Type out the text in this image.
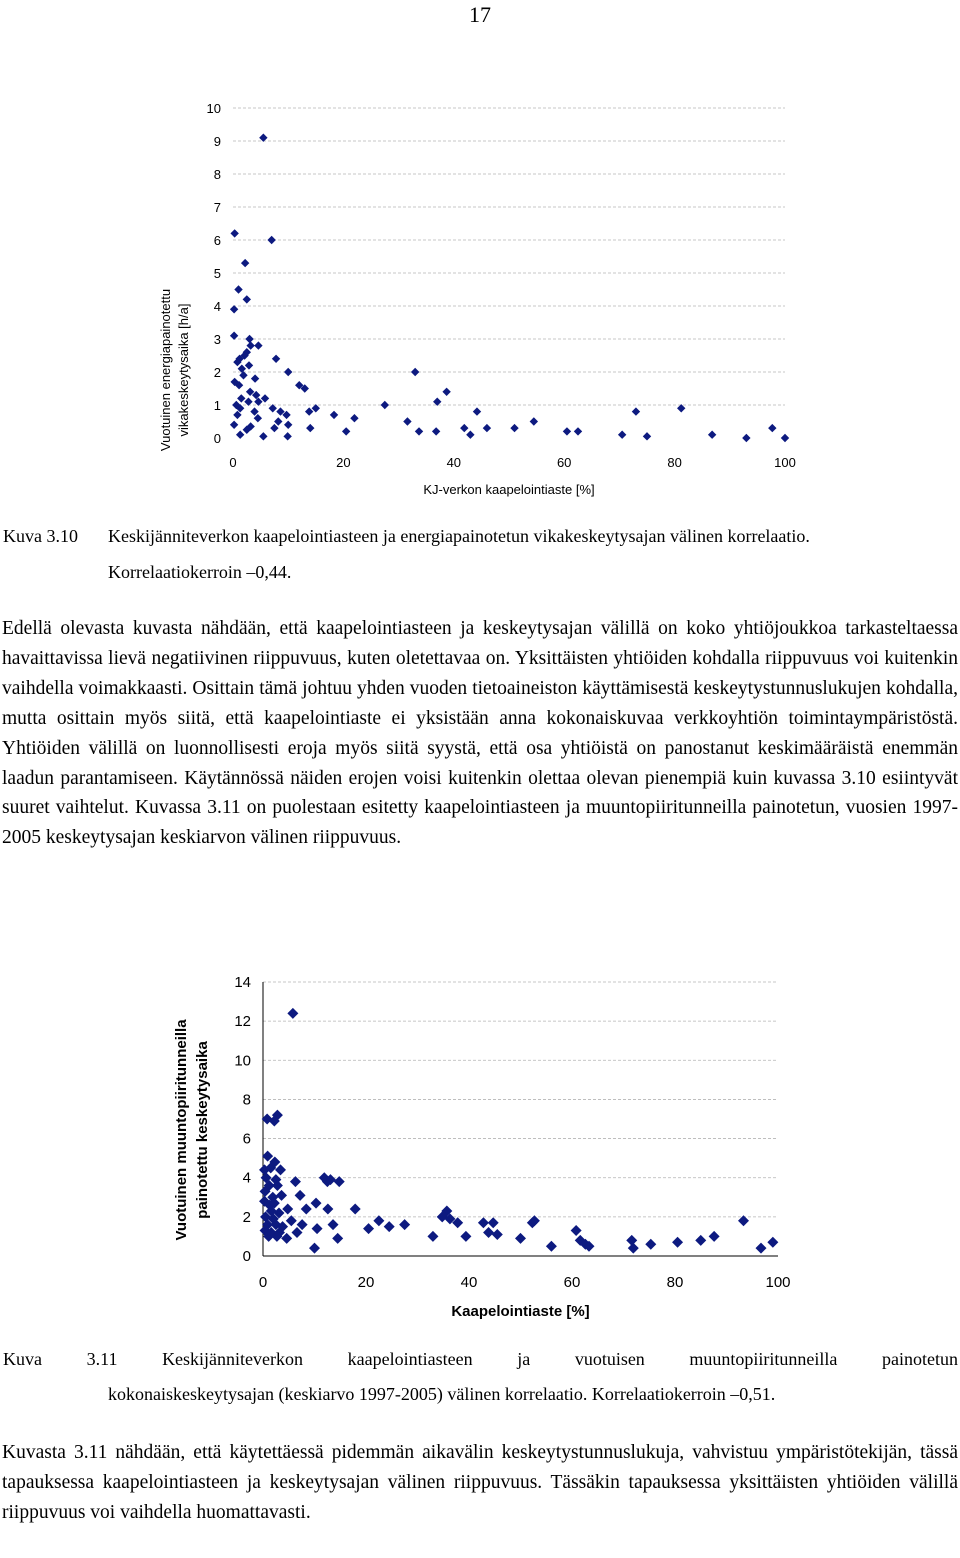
17
0
1
2
3
4
5
6
7
8
9
10
0	20	40	60	80	100
KJ-verkon kaapelointiaste [%]
Vuotuinen energiapainotettu vikakeskeytysaika [h/a]
Kuva 3.10	Keskijänniteverkon kaapelointiasteen ja energiapainotetun vikakeskeytysajan välinen korrelaatio.
Korrelaatiokerroin –0,44.

Edellä olevasta kuvasta nähdään, että kaapelointiasteen ja keskeytysajan välillä on koko yhtiöjoukkoa tarkasteltaessa havaittavissa lievä negatiivinen riippuvuus, kuten oletettavaa on. Yksittäisten yhtiöiden kohdalla riippuvuus voi kuitenkin vaihdella voimakkaasti. Osittain tämä johtuu yhden vuoden tietoaineiston käyttämisestä keskeytystunnuslukujen kohdalla, mutta osittain myös siitä, että kaapelointiaste ei yksistään anna kokonaiskuvaa verkkoyhtiön toimintaympäristöstä. Yhtiöiden välillä on luonnollisesti eroja myös siitä syystä, että osa yhtiöistä on panostanut keskimääräistä enemmän laadun parantamiseen. Käytännössä näiden erojen voisi kuitenkin olettaa olevan pienempiä kuin kuvassa 3.10 esiintyvät suuret vaihtelut. Kuvassa 3.11 on puolestaan esitetty kaapelointiasteen ja muuntopiiritunneilla painotetun, vuosien 1997-2005 keskeytysajan keskiarvon välinen riippuvuus.

0
2
4
6
8
10
12
14
0	20	40	60	80	100
Kaapelointiaste [%]
Vuotuinen muuntopiiritunneilla painotettu keskeytysaika
Kuva 3.11 Keskijänniteverkon kaapelointiasteen ja vuotuisen muuntopiiritunneilla painotetun
kokonaiskeskeytysajan (keskiarvo 1997-2005) välinen korrelaatio. Korrelaatiokerroin –0,51.

Kuvasta 3.11 nähdään, että käytettäessä pidemmän aikavälin keskeytystunnuslukuja, vahvistuu ympäristötekijän, tässä tapauksessa kaapelointiasteen ja keskeytysajan välinen riippuvuus. Tässäkin tapauksessa yksittäisten yhtiöiden välillä riippuvuus voi vaihdella huomattavasti.
